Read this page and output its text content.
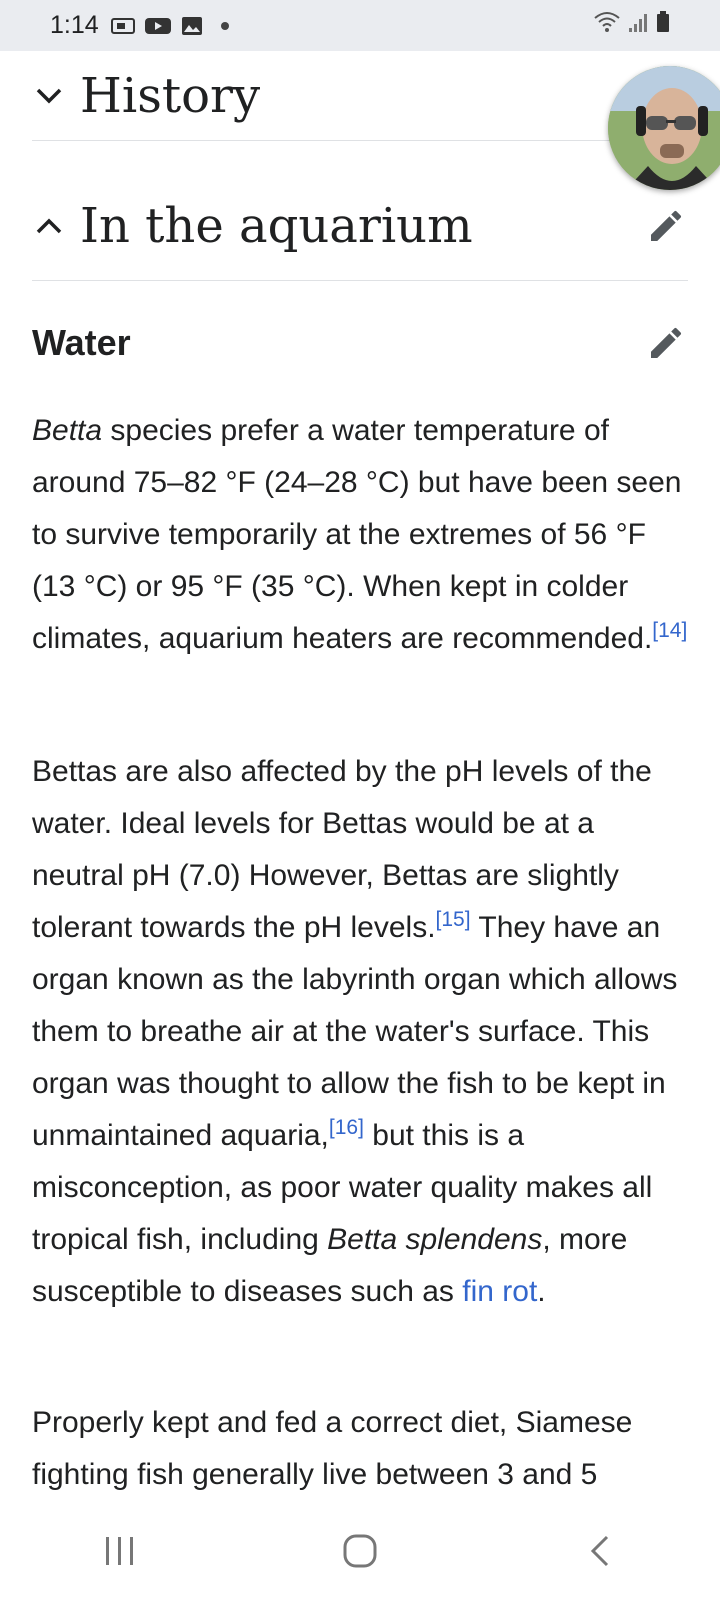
1:14
History
In the aquarium
Water

Betta species prefer a water temperature of around 75–82 °F (24–28 °C) but have been seen to survive temporarily at the extremes of 56 °F (13 °C) or 95 °F (35 °C). When kept in colder climates, aquarium heaters are recommended.[14]

Bettas are also affected by the pH levels of the water. Ideal levels for Bettas would be at a neutral pH (7.0) However, Bettas are slightly tolerant towards the pH levels.[15] They have an organ known as the labyrinth organ which allows them to breathe air at the water's surface. This organ was thought to allow the fish to be kept in unmaintained aquaria,[16] but this is a misconception, as poor water quality makes all tropical fish, including Betta splendens, more susceptible to diseases such as fin rot.

Properly kept and fed a correct diet, Siamese fighting fish generally live between 3 and 5
